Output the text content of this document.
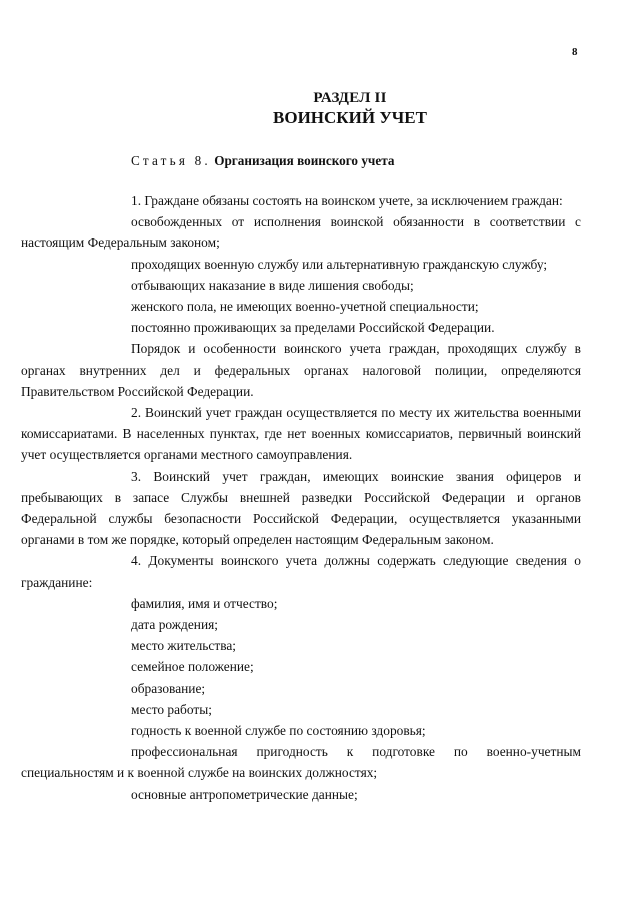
8
РАЗДЕЛ II
ВОИНСКИЙ УЧЕТ
Статья 8. Организация воинского учета

1. Граждане обязаны состоять на воинском учете, за исключением граждан:

освобожденных от исполнения воинской обязанности в соответствии с настоящим Федеральным законом;

проходящих военную службу или альтернативную гражданскую службу;

отбывающих наказание в виде лишения свободы;

женского пола, не имеющих военно-учетной специальности;

постоянно проживающих за пределами Российской Федерации.

Порядок и особенности воинского учета граждан, проходящих службу в органах внутренних дел и федеральных органах налоговой полиции, определяются Правительством Российской Федерации.

2. Воинский учет граждан осуществляется по месту их жительства военными комиссариатами. В населенных пунктах, где нет военных комиссариатов, первичный воинский учет осуществляется органами местного самоуправления.

3. Воинский учет граждан, имеющих воинские звания офицеров и пребывающих в запасе Службы внешней разведки Российской Федерации и органов Федеральной службы безопасности Российской Федерации, осуществляется указанными органами в том же порядке, который определен настоящим Федеральным законом.

4. Документы воинского учета должны содержать следующие сведения о гражданине:

фамилия, имя и отчество;

дата рождения;

место жительства;

семейное положение;

образование;

место работы;

годность к военной службе по состоянию здоровья;

профессиональная пригодность к подготовке по военно-учетным специальностям и к военной службе на воинских должностях;

основные антропометрические данные;
